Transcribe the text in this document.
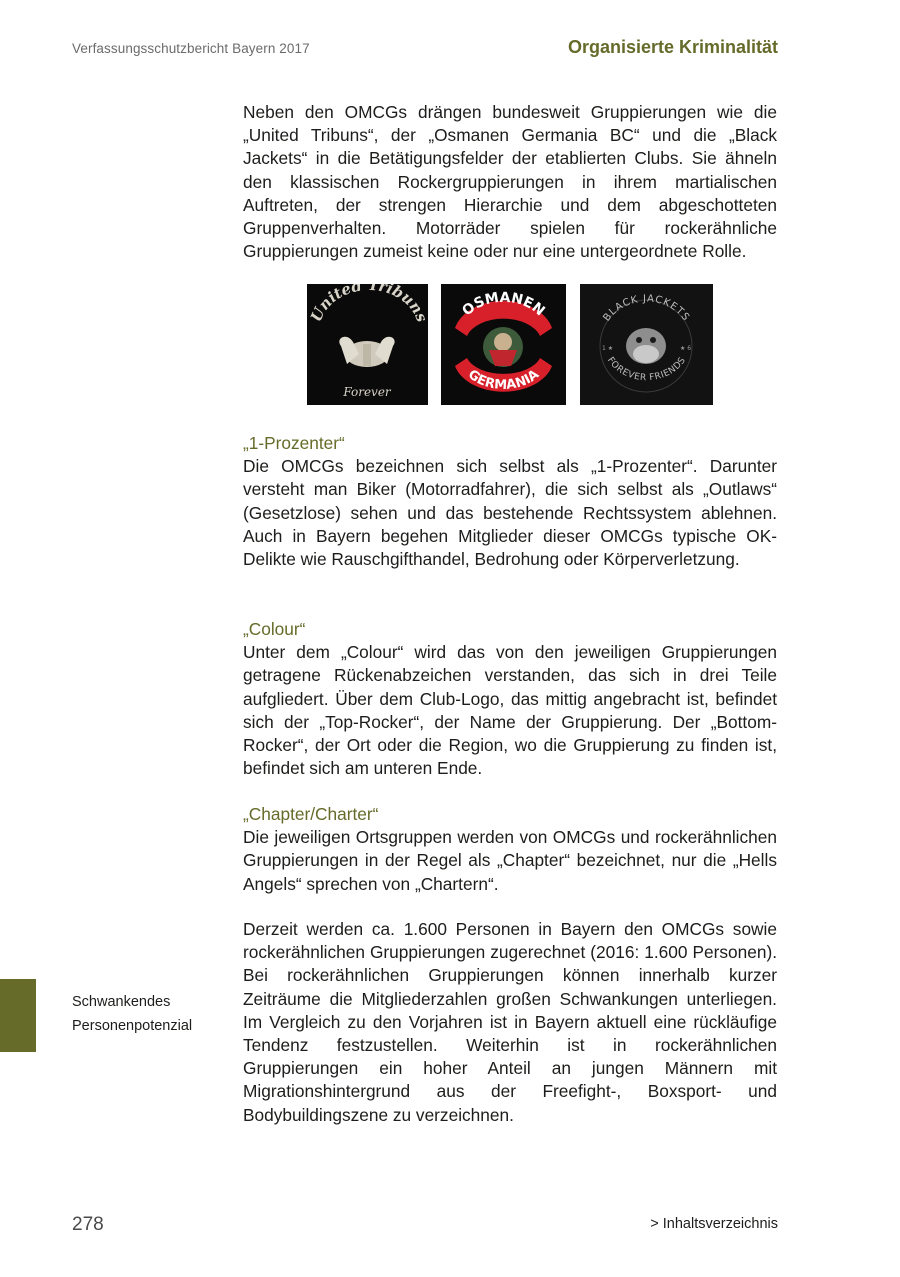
Verfassungsschutzbericht Bayern 2017	Organisierte Kriminalität

Neben den OMCGs drängen bundesweit Gruppierungen wie die „United Tribuns“, der „Osmanen Germania BC“ und die „Black Jackets“ in die Betätigungsfelder der etablierten Clubs. Sie ähneln den klassischen Rockergruppierungen in ihrem martialischen Auftreten, der strengen Hierarchie und dem abgeschotteten Gruppenverhalten. Motorräder spielen für rockerähnliche Gruppierungen zumeist keine oder nur eine untergeordnete Rolle.

United Tribun
Forever
OSMANEN
GERMANIA
BLACK JACKETS
1 ★	★ 6
FOREVER FRIENDS
„1-Prozenter“

Die OMCGs bezeichnen sich selbst als „1-Prozenter“. Darunter versteht man Biker (Motorradfahrer), die sich selbst als „Outlaws“ (Gesetzlose) sehen und das bestehende Rechtssystem ablehnen. Auch in Bayern begehen Mitglieder dieser OMCGs typische OK-Delikte wie Rauschgifthandel, Bedrohung oder Körperverletzung.

„Colour“

Unter dem „Colour“ wird das von den jeweiligen Gruppierungen getragene Rückenabzeichen verstanden, das sich in drei Teile aufgliedert. Über dem Club-Logo, das mittig angebracht ist, befindet sich der „Top-Rocker“, der Name der Gruppierung. Der „Bottom-Rocker“, der Ort oder die Region, wo die Gruppierung zu finden ist, befindet sich am unteren Ende.

„Chapter/Charter“

Die jeweiligen Ortsgruppen werden von OMCGs und rockerähnlichen Gruppierungen in der Regel als „Chapter“ bezeichnet, nur die „Hells Angels“ sprechen von „Chartern“.

Derzeit werden ca. 1.600 Personen in Bayern den OMCGs sowie rockerähnlichen Gruppierungen zugerechnet (2016: 1.600 Personen). Bei rockerähnlichen Gruppierungen können innerhalb kurzer Zeiträume die Mitgliederzahlen großen Schwankungen unterliegen. Im Vergleich zu den Vorjahren ist in Bayern aktuell eine rückläufige Tendenz festzustellen. Weiterhin ist in rockerähnlichen Gruppierungen ein hoher Anteil an jungen Männern mit Migrationshintergrund aus der Freefight-, Boxsport- und Bodybuildingszene zu verzeichnen.

Schwankendes
Personenpotenzial
278	> Inhaltsverzeichnis
